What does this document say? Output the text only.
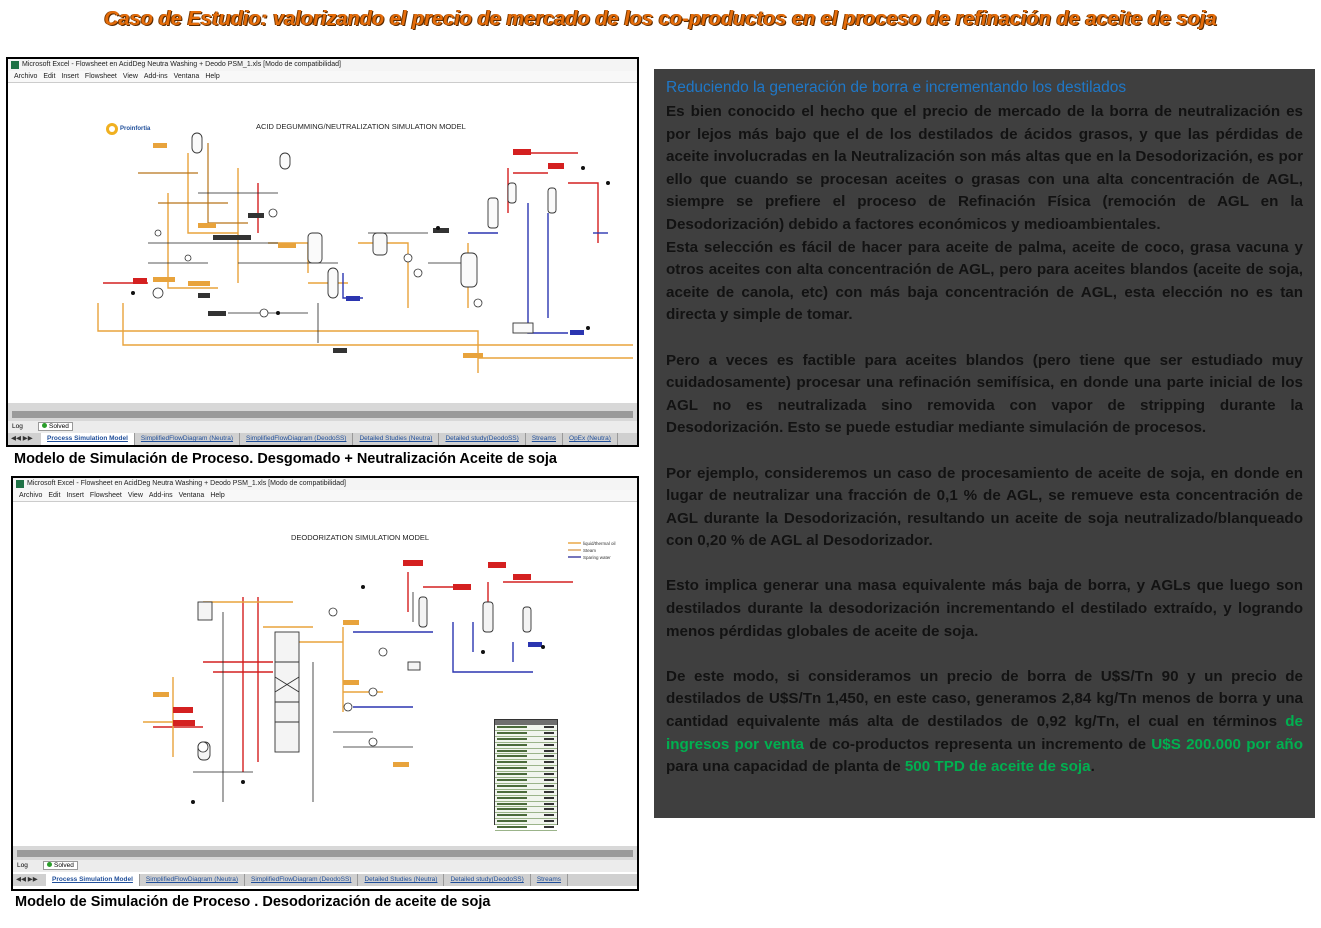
Caso de Estudio: valorizando el precio de mercado de los co-productos en el proceso de refinación de aceite de soja
Microsoft Excel - Flowsheet en AcidDeg Neutra Washing + Deodo PSM_1.xls [Modo de compatibilidad]
Archivo Edit Insert Flowsheet View Add-ins Ventana Help
ACID DEGUMMING/NEUTRALIZATION SIMULATION MODEL
Proinfortia
Log	Solved
◀◀ ▶▶ Process Simulation Model SimplifiedFlowDiagram (Neutra) SimplifiedFlowDiagram (DeodoSS) Detailed Studies (Neutra) Detailed study(DeodoSS) Streams OpEx (Neutra)
Modelo de Simulación de Proceso. Desgomado + Neutralización Aceite de soja
Microsoft Excel - Flowsheet en AcidDeg Neutra Washing + Deodo PSM_1.xls [Modo de compatibilidad]
Archivo Edit Insert Flowsheet View Add-ins Ventana Help
DEODORIZATION SIMULATION MODEL
liquid/thermal oil
Steam
Sparing water
Log	Solved
◀◀ ▶▶ Process Simulation Model SimplifiedFlowDiagram (Neutra) SimplifiedFlowDiagram (DeodoSS) Detailed Studies (Neutra) Detailed study(DeodoSS) Streams
Modelo de Simulación de Proceso . Desodorización de aceite de soja
Reduciendo la generación de borra e incrementando los destilados

Es bien conocido el hecho que el precio de mercado de la borra de neutralización es por lejos más bajo que el de los destilados de ácidos grasos, y que las pérdidas de aceite involucradas en la Neutralización son más altas que en la Desodorización, es por ello que cuando se procesan aceites o grasas con una alta concentración de AGL, siempre se prefiere el proceso de Refinación Física (remoción de AGL en la Desodorización) debido a factores económicos y medioambientales.

Esta selección es fácil de hacer para aceite de palma, aceite de coco, grasa vacuna y otros aceites con alta concentración de AGL, pero para aceites blandos (aceite de soja, aceite de canola, etc) con más baja concentración de AGL, esta elección no es tan directa y simple de tomar.

Pero a veces es factible para aceites blandos (pero tiene que ser estudiado muy cuidadosamente) procesar una refinación semifísica, en donde una parte inicial de los AGL no es neutralizada sino removida con vapor de stripping durante la Desodorización. Esto se puede estudiar mediante simulación de procesos.

Por ejemplo, consideremos un caso de procesamiento de aceite de soja, en donde en lugar de neutralizar una fracción de 0,1 % de AGL, se remueve esta concentración de AGL durante la Desodorización, resultando un aceite de soja neutralizado/blanqueado con 0,20 % de AGL al Desodorizador.

Esto implica generar una masa equivalente más baja de borra, y AGLs que luego son destilados durante la desodorización incrementando el destilado extraído, y logrando menos pérdidas globales de aceite de soja.

De este modo, si consideramos un precio de borra de U$S/Tn 90 y un precio de destilados de U$S/Tn 1,450, en este caso, generamos 2,84 kg/Tn menos de borra y una cantidad equivalente más alta de destilados de 0,92 kg/Tn, el cual en términos de ingresos por venta de co-productos representa un incremento de U$S 200.000 por año para una capacidad de planta de 500 TPD de aceite de soja.
